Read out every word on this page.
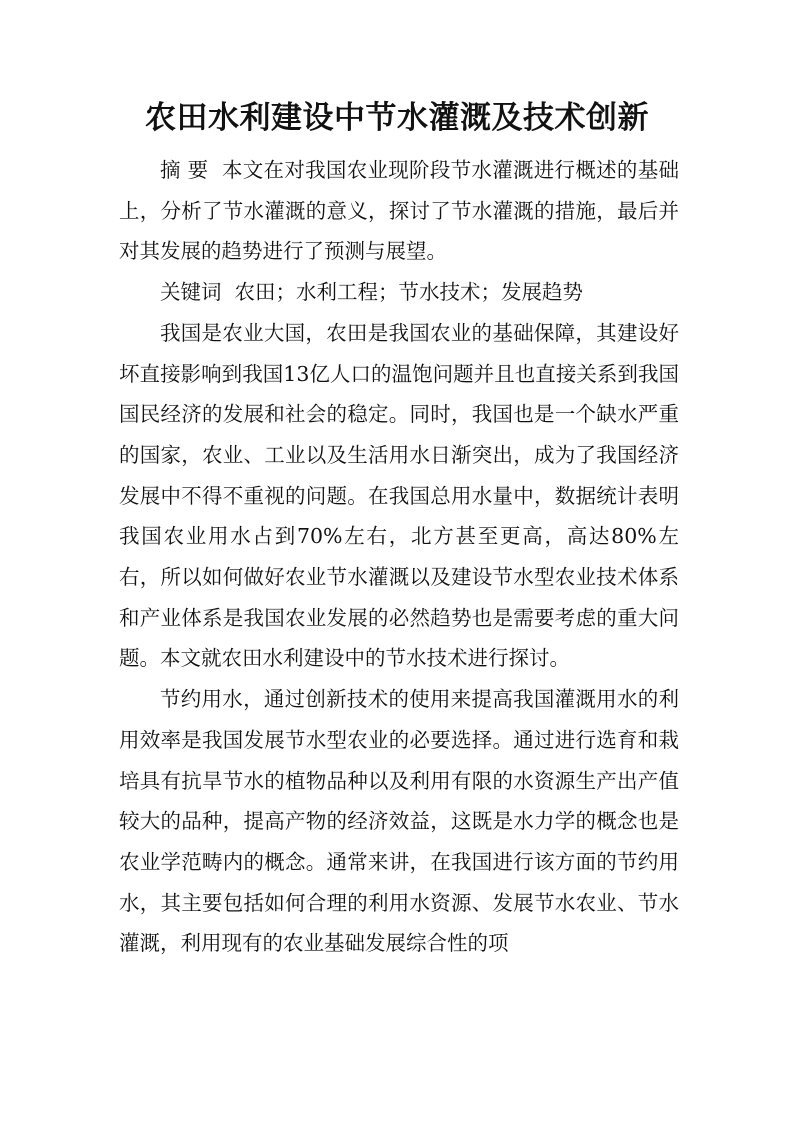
农田水利建设中节水灌溉及技术创新

摘 要 本文在对我国农业现阶段节水灌溉进行概述的基础上，分析了节水灌溉的意义，探讨了节水灌溉的措施，最后并对其发展的趋势进行了预测与展望。

关键词 农田；水利工程；节水技术；发展趋势

我国是农业大国，农田是我国农业的基础保障，其建设好坏直接影响到我国13亿人口的温饱问题并且也直接关系到我国国民经济的发展和社会的稳定。同时，我国也是一个缺水严重的国家，农业、工业以及生活用水日渐突出，成为了我国经济发展中不得不重视的问题。在我国总用水量中，数据统计表明我国农业用水占到70%左右，北方甚至更高，高达80%左右，所以如何做好农业节水灌溉以及建设节水型农业技术体系和产业体系是我国农业发展的必然趋势也是需要考虑的重大问题。本文就农田水利建设中的节水技术进行探讨。

节约用水，通过创新技术的使用来提高我国灌溉用水的利用效率是我国发展节水型农业的必要选择。通过进行选育和栽培具有抗旱节水的植物品种以及利用有限的水资源生产出产值较大的品种，提高产物的经济效益，这既是水力学的概念也是农业学范畴内的概念。通常来讲，在我国进行该方面的节约用水，其主要包括如何合理的利用水资源、发展节水农业、节水灌溉，利用现有的农业基础发展综合性的项
